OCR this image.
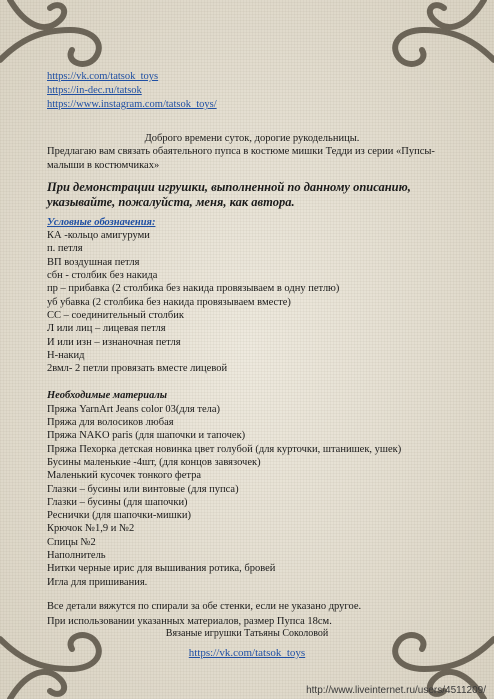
https://vk.com/tatsok_toys
https://in-dec.ru/tatsok
https://www.instagram.com/tatsok_toys/

Доброго времени суток, дорогие рукодельницы.

Предлагаю вам связать обаятельного пупса в костюме мишки Тедди из серии «Пупсы-малыши в костюмчиках»

При демонстрации игрушки, выполненной по данному описанию, указывайте, пожалуйста, меня, как автора.
Условные обозначения:
КА -кольцо амигуруми
п. петля
ВП воздушная петля
сбн - столбик без накида
пр – прибавка (2 столбика без накида провязываем в одну петлю)
уб убавка (2 столбика без накида провязываем вместе)
СС – соединительный столбик
Л или лиц – лицевая петля
И или изн – изнаночная петля
Н-накид
2вмл- 2 петли провязать вместе лицевой
Необходимые материалы
Пряжа YarnArt Jeans color 03(для тела)
Пряжа для волосиков любая
Пряжа NAKO paris (для шапочки и тапочек)
Пряжа Пехорка детская новинка цвет голубой (для курточки, штанишек, ушек)
Бусины маленькие -4шт, (для концов завязочек)
Маленький кусочек тонкого фетра
Глазки – бусины или винтовые (для пупса)
Глазки – бусины (для шапочки)
Реснички (для шапочки-мишки)
Крючок №1,9 и №2
Спицы №2
Наполнитель
Нитки черные ирис для вышивания ротика, бровей
Игла для пришивания.

Все детали вяжутся по спирали за обе стенки, если не указано другое.

При использовании указанных материалов, размер Пупса 18см.

Вязаные игрушки Татьяны Соколовой
https://vk.com/tatsok_toys
http://www.liveinternet.ru/users/4511209/
